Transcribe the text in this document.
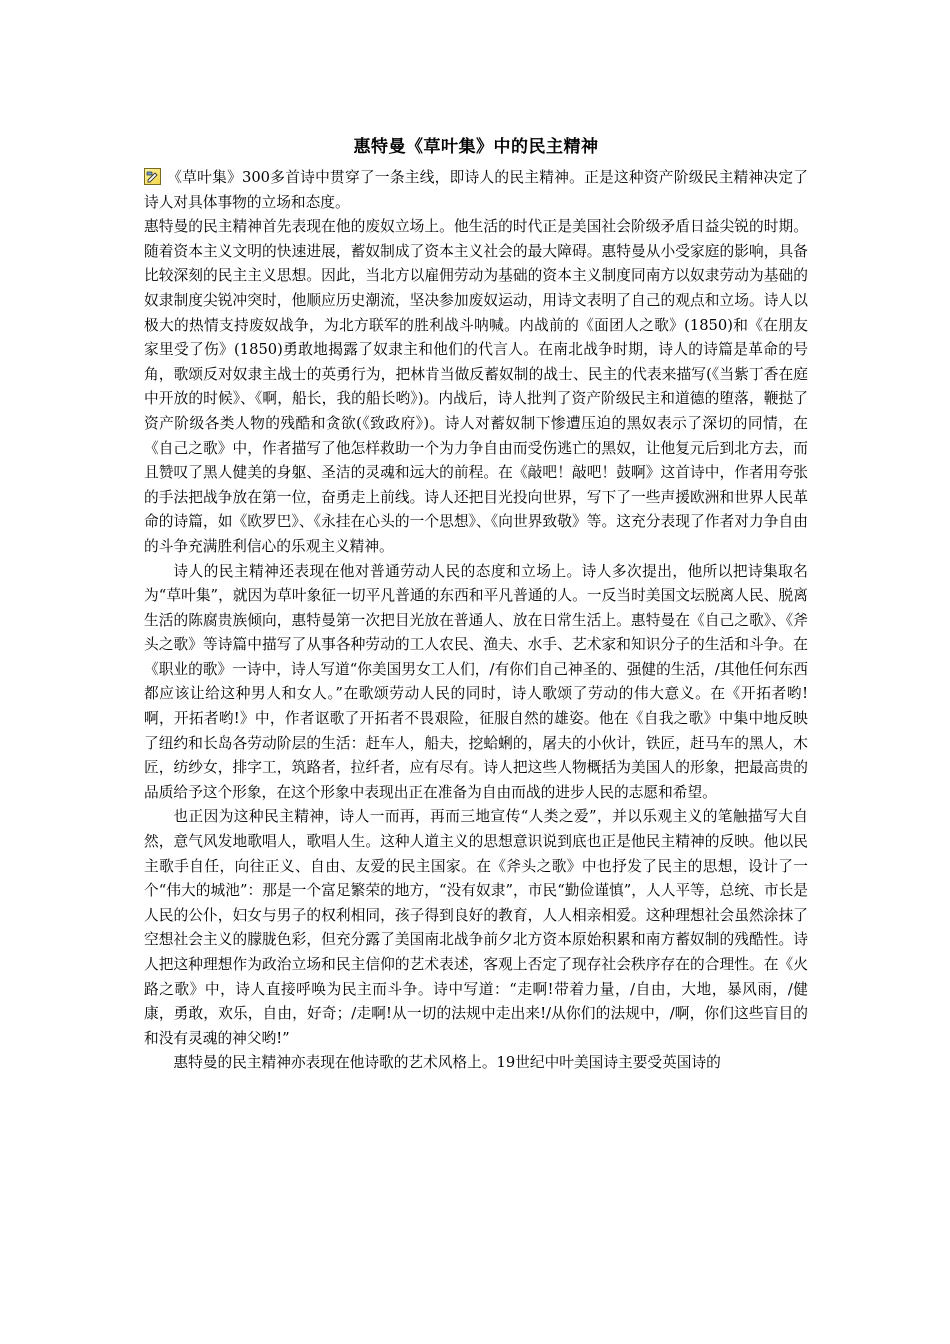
惠特曼《草叶集》中的民主精神

《草叶集》300多首诗中贯穿了一条主线，即诗人的民主精神。正是这种资产阶级民主精神决定了诗人对具体事物的立场和态度。

惠特曼的民主精神首先表现在他的废奴立场上。他生活的时代正是美国社会阶级矛盾日益尖锐的时期。随着资本主义文明的快速进展，蓄奴制成了资本主义社会的最大障碍。惠特曼从小受家庭的影响，具备比较深刻的民主主义思想。因此，当北方以雇佣劳动为基础的资本主义制度同南方以奴隶劳动为基础的奴隶制度尖锐冲突时，他顺应历史潮流，坚决参加废奴运动，用诗文表明了自己的观点和立场。诗人以极大的热情支持废奴战争，为北方联军的胜利战斗呐喊。内战前的《面团人之歌》(1850)和《在朋友家里受了伤》(1850)勇敢地揭露了奴隶主和他们的代言人。在南北战争时期，诗人的诗篇是革命的号角，歌颂反对奴隶主战士的英勇行为，把林肯当做反蓄奴制的战士、民主的代表来描写(《当紫丁香在庭中开放的时候》、《啊，船长，我的船长哟》)。内战后，诗人批判了资产阶级民主和道德的堕落，鞭挞了资产阶级各类人物的残酷和贪欲(《致政府》)。诗人对蓄奴制下惨遭压迫的黑奴表示了深切的同情，在《自己之歌》中，作者描写了他怎样救助一个为力争自由而受伤逃亡的黑奴，让他复元后到北方去，而且赞叹了黑人健美的身躯、圣洁的灵魂和远大的前程。在《敲吧！敲吧！鼓啊》这首诗中，作者用夸张的手法把战争放在第一位，奋勇走上前线。诗人还把目光投向世界，写下了一些声援欧洲和世界人民革命的诗篇，如《欧罗巴》、《永挂在心头的一个思想》、《向世界致敬》等。这充分表现了作者对力争自由的斗争充满胜利信心的乐观主义精神。

诗人的民主精神还表现在他对普通劳动人民的态度和立场上。诗人多次提出，他所以把诗集取名为“草叶集”，就因为草叶象征一切平凡普通的东西和平凡普通的人。一反当时美国文坛脱离人民、脱离生活的陈腐贵族倾向，惠特曼第一次把目光放在普通人、放在日常生活上。惠特曼在《自己之歌》、《斧头之歌》等诗篇中描写了从事各种劳动的工人农民、渔夫、水手、艺术家和知识分子的生活和斗争。在《职业的歌》一诗中，诗人写道“你美国男女工人们，/有你们自己神圣的、强健的生活，/其他任何东西都应该让给这种男人和女人。”在歌颂劳动人民的同时，诗人歌颂了劳动的伟大意义。在《开拓者哟!啊，开拓者哟!》中，作者讴歌了开拓者不畏艰险，征服自然的雄姿。他在《自我之歌》中集中地反映了纽约和长岛各劳动阶层的生活：赶车人，船夫，挖蛤蜊的，屠夫的小伙计，铁匠，赶马车的黑人，木匠，纺纱女，排字工，筑路者，拉纤者，应有尽有。诗人把这些人物概括为美国人的形象，把最高贵的品质给予这个形象，在这个形象中表现出正在准备为自由而战的进步人民的志愿和希望。

也正因为这种民主精神，诗人一而再，再而三地宣传“人类之爱”，并以乐观主义的笔触描写大自然，意气风发地歌唱人，歌唱人生。这种人道主义的思想意识说到底也正是他民主精神的反映。他以民主歌手自任，向往正义、自由、友爱的民主国家。在《斧头之歌》中也抒发了民主的思想，设计了一个“伟大的城池”：那是一个富足繁荣的地方，“没有奴隶”，市民“勤俭谨慎”，人人平等，总统、市长是人民的公仆，妇女与男子的权利相同，孩子得到良好的教育，人人相亲相爱。这种理想社会虽然涂抹了空想社会主义的朦胧色彩，但充分露了美国南北战争前夕北方资本原始积累和南方蓄奴制的残酷性。诗人把这种理想作为政治立场和民主信仰的艺术表述，客观上否定了现存社会秩序存在的合理性。在《火路之歌》中，诗人直接呼唤为民主而斗争。诗中写道：“走啊!带着力量，/自由，大地，暴风雨，/健康，勇敢，欢乐，自由，好奇；/走啊!从一切的法规中走出来!/从你们的法规中，/啊，你们这些盲目的和没有灵魂的神父哟!”

惠特曼的民主精神亦表现在他诗歌的艺术风格上。19世纪中叶美国诗主要受英国诗的
